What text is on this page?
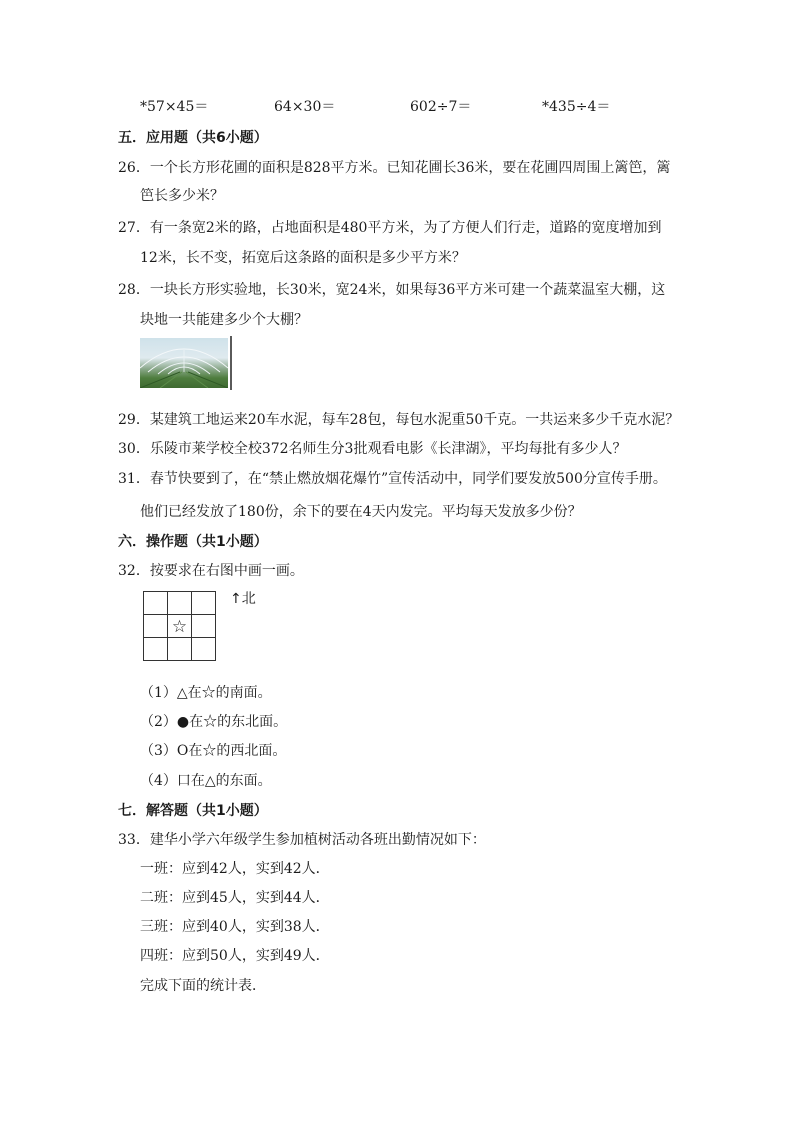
*57×45＝	64×30＝	602÷7＝	*435÷4＝
五．应用题（共6小题）
26．一个长方形花圃的面积是828平方米。已知花圃长36米，要在花圃四周围上篱笆，篱
笆长多少米？
27．有一条宽2米的路，占地面积是480平方米，为了方便人们行走，道路的宽度增加到
12米，长不变，拓宽后这条路的面积是多少平方米？
28．一块长方形实验地，长30米，宽24米，如果每36平方米可建一个蔬菜温室大棚，这
块地一共能建多少个大棚？
29．某建筑工地运来20车水泥，每车28包，每包水泥重50千克。一共运来多少千克水泥？
30．乐陵市莱学校全校372名师生分3批观看电影《长津湖》，平均每批有多少人？
31．春节快要到了，在“禁止燃放烟花爆竹”宣传活动中，同学们要发放500分宣传手册。
他们已经发放了180份，余下的要在4天内发完。平均每天发放多少份？
六．操作题（共1小题）
32．按要求在右图中画一画。

	☆	

↑北
（1）△在☆的南面。
（2）●在☆的东北面。
（3）O在☆的西北面。
（4）口在△的东面。
七．解答题（共1小题）
33．建华小学六年级学生参加植树活动各班出勤情况如下：
一班：应到42人，实到42人．
二班：应到45人，实到44人．
三班：应到40人，实到38人．
四班：应到50人，实到49人．
完成下面的统计表．
